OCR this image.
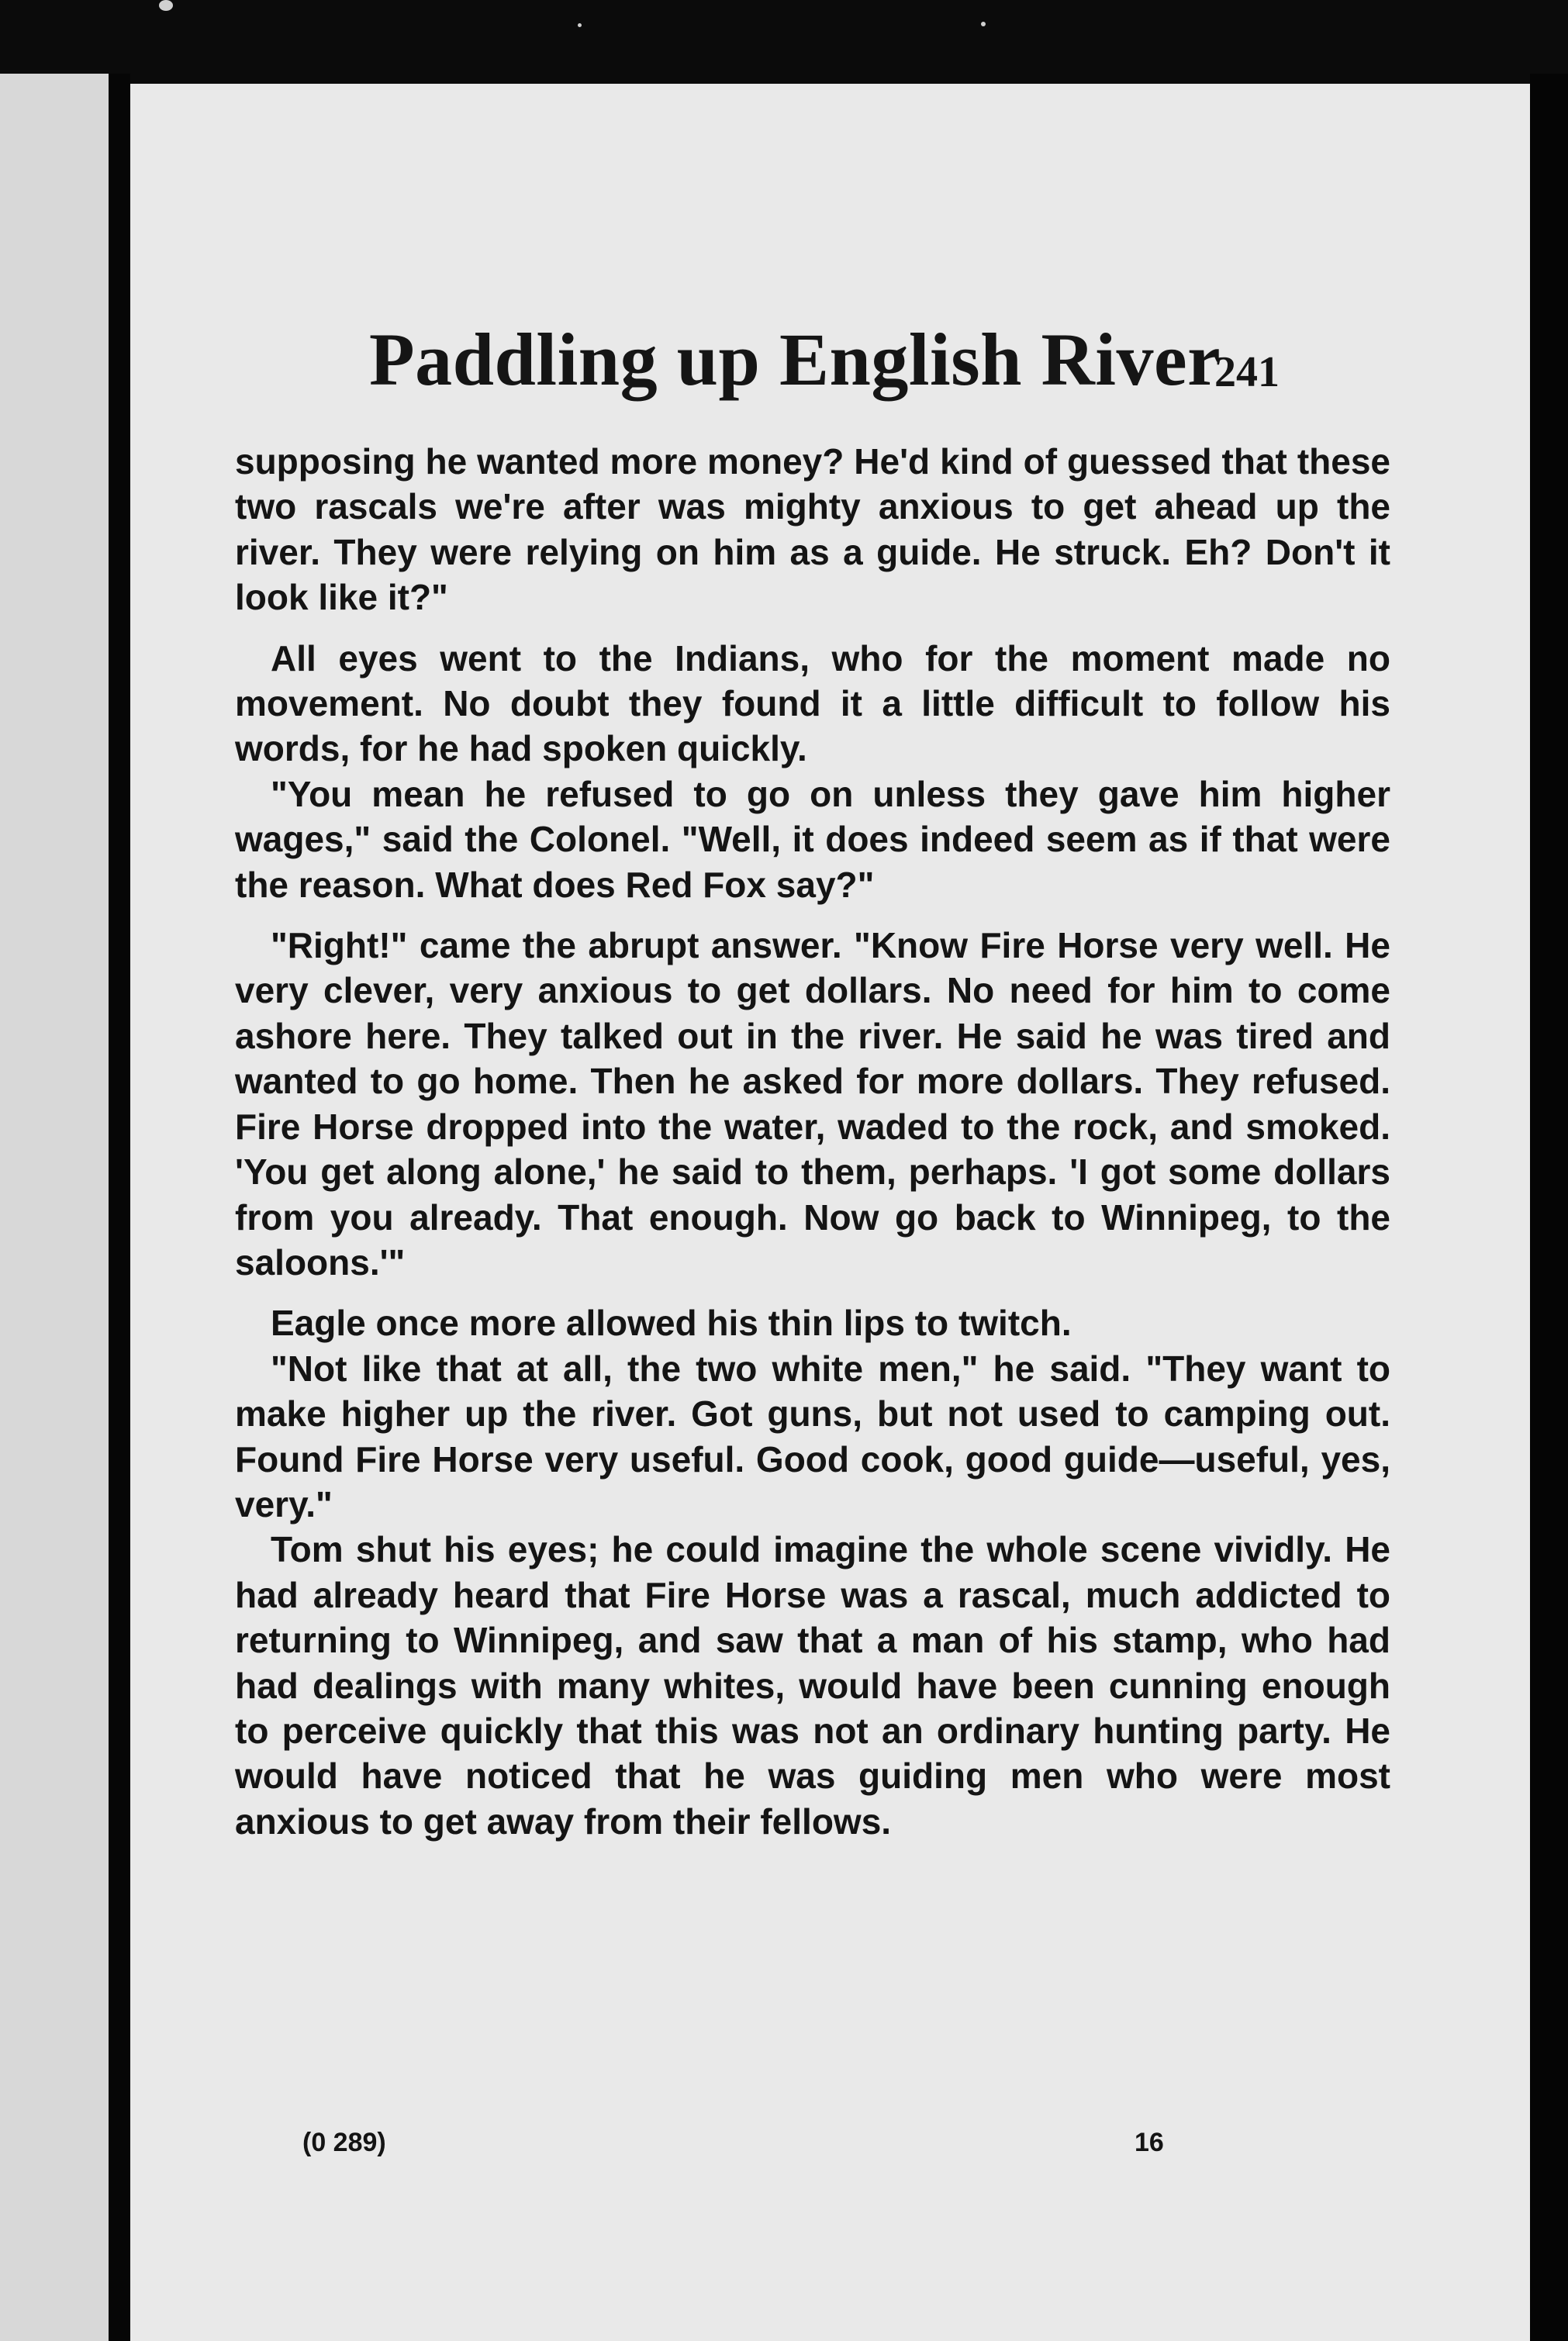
Paddling up English River
241

supposing he wanted more money? He'd kind of guessed that these two rascals we're after was mighty anxious to get ahead up the river. They were relying on him as a guide. He struck. Eh? Don't it look like it?"

All eyes went to the Indians, who for the moment made no movement. No doubt they found it a little difficult to follow his words, for he had spoken quickly.

"You mean he refused to go on unless they gave him higher wages," said the Colonel. "Well, it does indeed seem as if that were the reason. What does Red Fox say?"

"Right!" came the abrupt answer. "Know Fire Horse very well. He very clever, very anxious to get dollars. No need for him to come ashore here. They talked out in the river. He said he was tired and wanted to go home. Then he asked for more dollars. They refused. Fire Horse dropped into the water, waded to the rock, and smoked. 'You get along alone,' he said to them, perhaps. 'I got some dollars from you already. That enough. Now go back to Winnipeg, to the saloons.'"

Eagle once more allowed his thin lips to twitch.

"Not like that at all, the two white men," he said. "They want to make higher up the river. Got guns, but not used to camping out. Found Fire Horse very useful. Good cook, good guide—useful, yes, very."

Tom shut his eyes; he could imagine the whole scene vividly. He had already heard that Fire Horse was a rascal, much addicted to returning to Winnipeg, and saw that a man of his stamp, who had had dealings with many whites, would have been cunning enough to perceive quickly that this was not an ordinary hunting party. He would have noticed that he was guiding men who were most anxious to get away from their fellows.

(0 289)	16
